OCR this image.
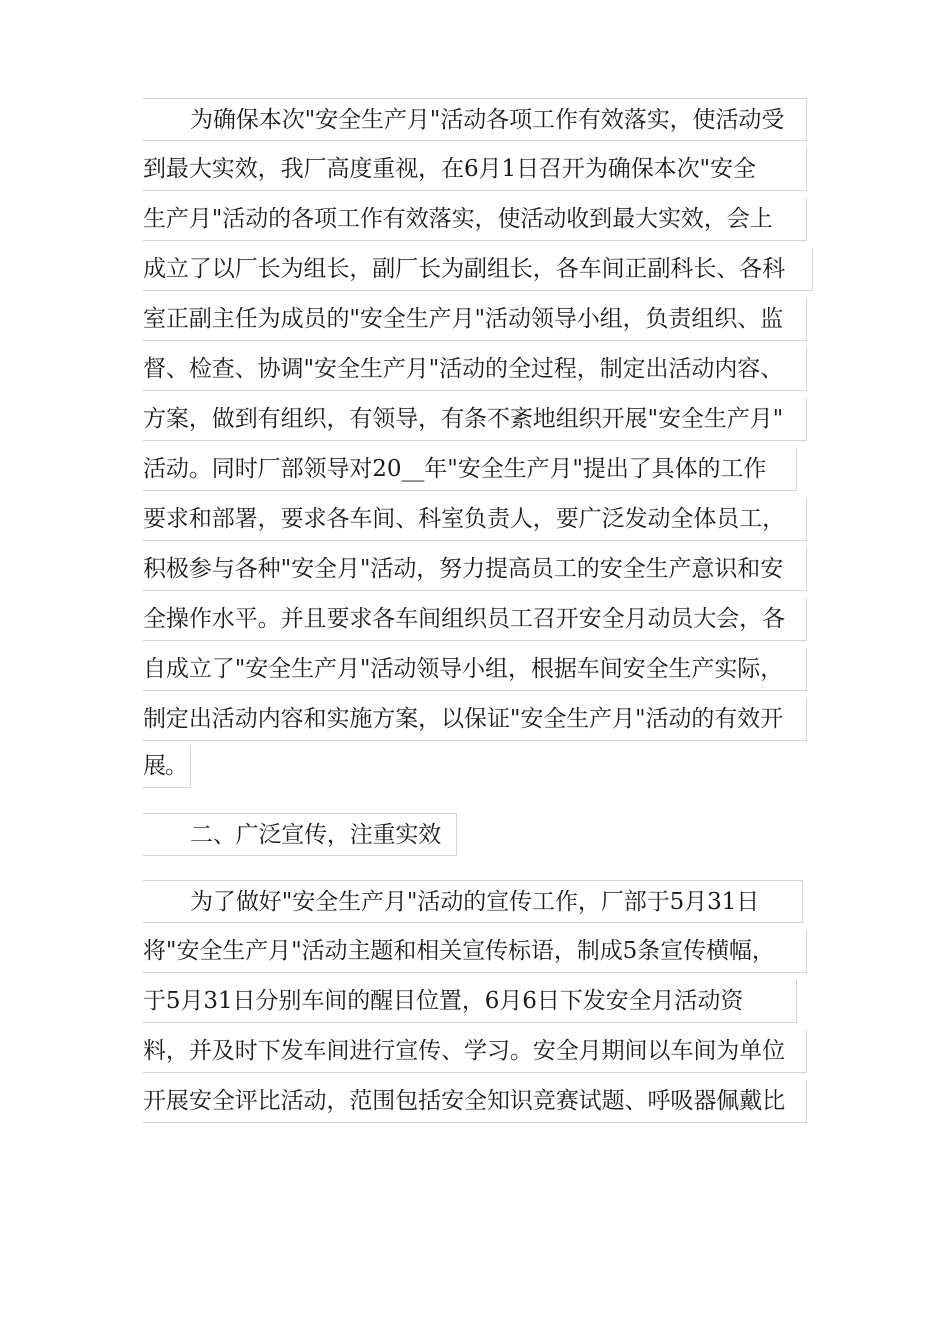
为确保本次"安全生产月"活动各项工作有效落实，使活动受
到最大实效，我厂高度重视，在6月1日召开为确保本次"安全
生产月"活动的各项工作有效落实，使活动收到最大实效，会上
成立了以厂长为组长，副厂长为副组长，各车间正副科长、各科
室正副主任为成员的"安全生产月"活动领导小组，负责组织、监
督、检查、协调"安全生产月"活动的全过程，制定出活动内容、
方案，做到有组织，有领导，有条不紊地组织开展"安全生产月"
活动。同时厂部领导对20__年"安全生产月"提出了具体的工作
要求和部署，要求各车间、科室负责人，要广泛发动全体员工，
积极参与各种"安全月"活动，努力提高员工的安全生产意识和安
全操作水平。并且要求各车间组织员工召开安全月动员大会，各
自成立了"安全生产月"活动领导小组，根据车间安全生产实际，
制定出活动内容和实施方案，以保证"安全生产月"活动的有效开
展。
二、广泛宣传，注重实效
为了做好"安全生产月"活动的宣传工作，厂部于5月31日
将"安全生产月"活动主题和相关宣传标语，制成5条宣传横幅，
于5月31日分别车间的醒目位置，6月6日下发安全月活动资
料，并及时下发车间进行宣传、学习。安全月期间以车间为单位
开展安全评比活动，范围包括安全知识竞赛试题、呼吸器佩戴比
